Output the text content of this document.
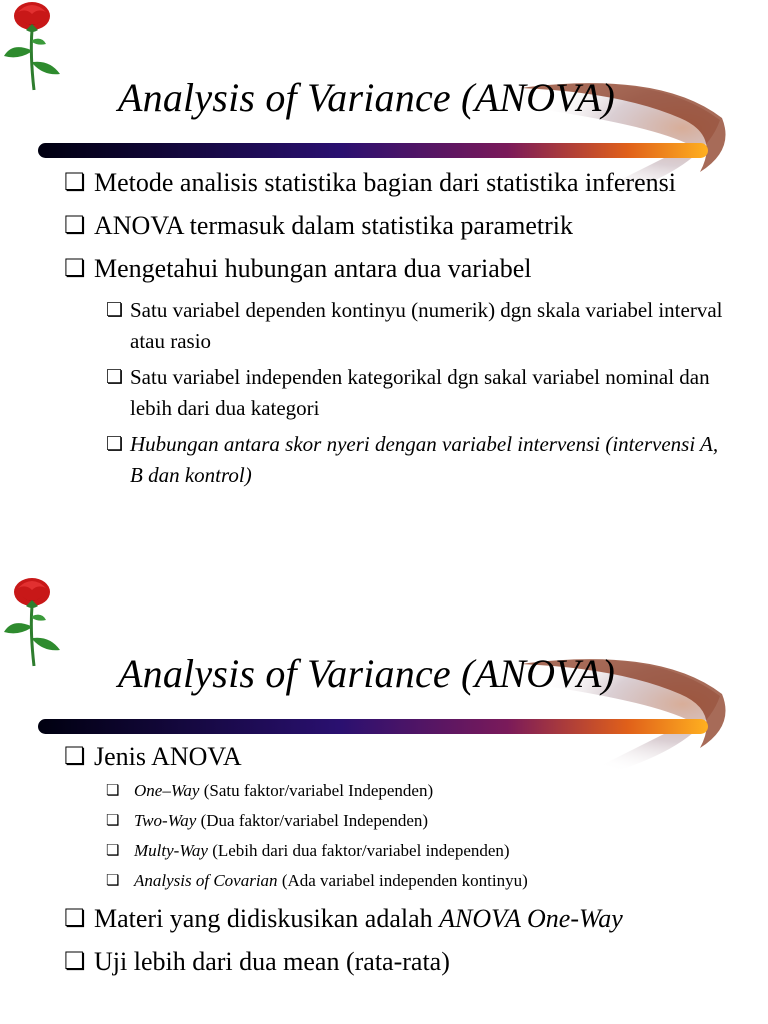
Analysis of Variance (ANOVA)

❏ Metode analisis statistika bagian dari statistika inferensi

❏ ANOVA termasuk dalam statistika parametrik

❏ Mengetahui hubungan antara dua variabel

❏ Satu variabel dependen kontinyu (numerik) dgn skala variabel interval atau rasio

❏ Satu variabel independen kategorikal dgn sakal variabel nominal dan lebih dari dua kategori

❏ Hubungan antara skor nyeri dengan variabel intervensi (intervensi A, B dan kontrol)

Analysis of Variance (ANOVA)

❏ Jenis ANOVA

❏ One–Way (Satu faktor/variabel Independen)

❏ Two-Way (Dua faktor/variabel Independen)

❏ Multy-Way (Lebih dari dua faktor/variabel independen)

❏ Analysis of Covarian (Ada variabel independen kontinyu)

❏ Materi yang didiskusikan adalah ANOVA One-Way

❏ Uji lebih dari dua mean (rata-rata)
